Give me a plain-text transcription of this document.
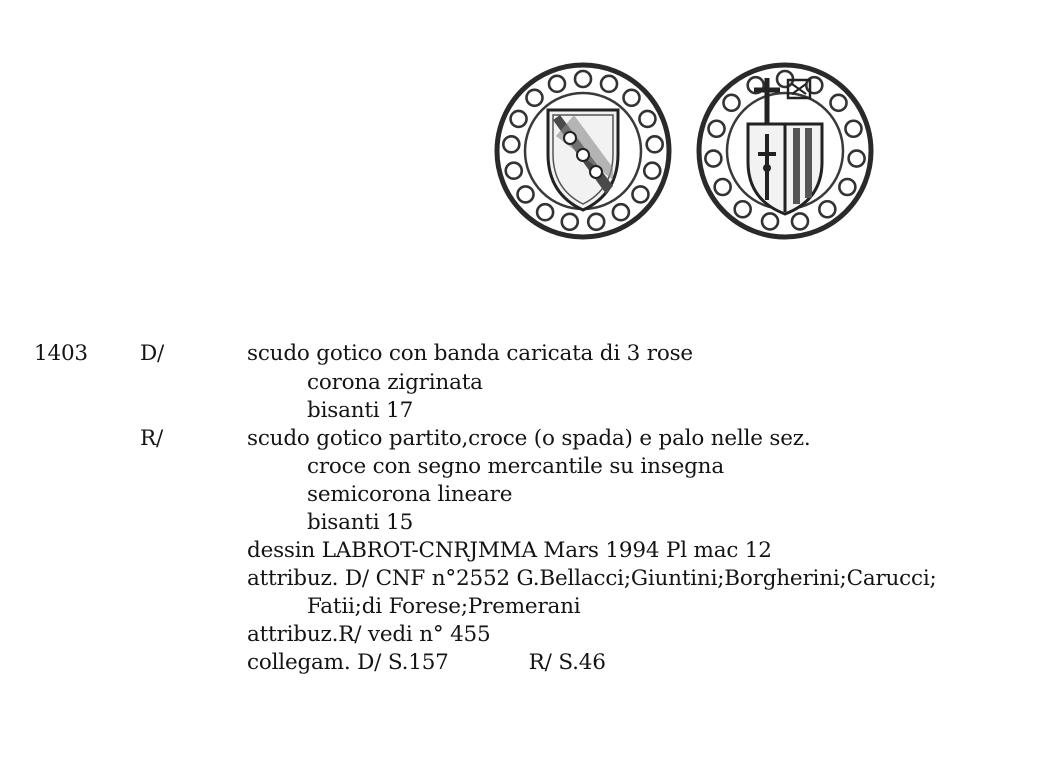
1403 D/	scudo gotico con banda caricata di 3 rose
corona zigrinata
bisanti 17
R/	scudo gotico partito,croce (o spada) e palo nelle sez.
croce con segno mercantile su insegna
semicorona lineare
bisanti 15
dessin LABROT-CNRJMMA Mars 1994 Pl mac 12
attribuz. D/ CNF n°2552 G.Bellacci;Giuntini;Borgherini;Carucci;
Fatii;di Forese;Premerani
attribuz.R/ vedi n° 455
collegam. D/ S.157	R/ S.46
